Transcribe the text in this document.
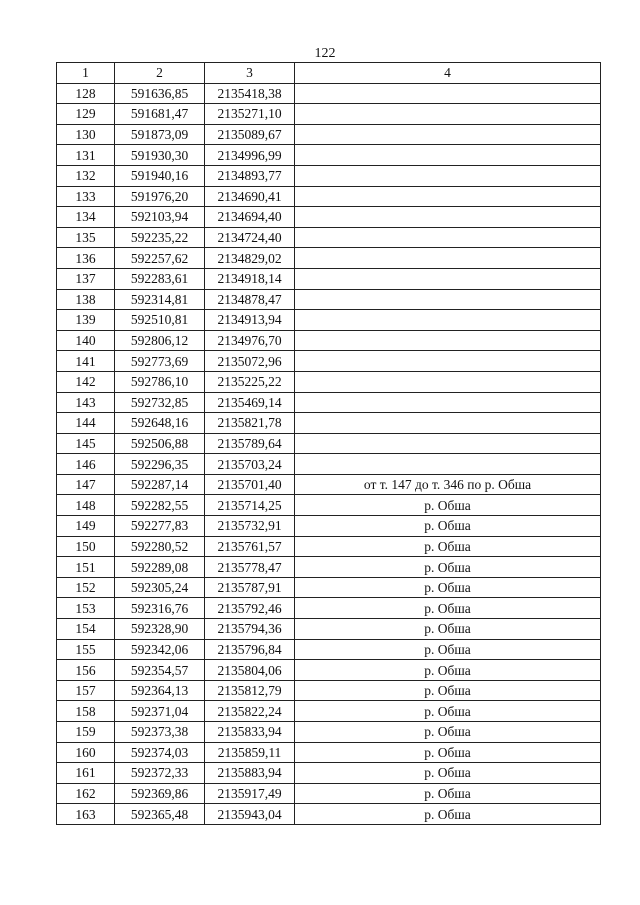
122
1	2	3	4
128	591636,85	2135418,38	
129	591681,47	2135271,10	
130	591873,09	2135089,67	
131	591930,30	2134996,99	
132	591940,16	2134893,77	
133	591976,20	2134690,41	
134	592103,94	2134694,40	
135	592235,22	2134724,40	
136	592257,62	2134829,02	
137	592283,61	2134918,14	
138	592314,81	2134878,47	
139	592510,81	2134913,94	
140	592806,12	2134976,70	
141	592773,69	2135072,96	
142	592786,10	2135225,22	
143	592732,85	2135469,14	
144	592648,16	2135821,78	
145	592506,88	2135789,64	
146	592296,35	2135703,24	
147	592287,14	2135701,40	от т. 147 до т. 346 по р. Обша
148	592282,55	2135714,25	р. Обша
149	592277,83	2135732,91	р. Обша
150	592280,52	2135761,57	р. Обша
151	592289,08	2135778,47	р. Обша
152	592305,24	2135787,91	р. Обша
153	592316,76	2135792,46	р. Обша
154	592328,90	2135794,36	р. Обша
155	592342,06	2135796,84	р. Обша
156	592354,57	2135804,06	р. Обша
157	592364,13	2135812,79	р. Обша
158	592371,04	2135822,24	р. Обша
159	592373,38	2135833,94	р. Обша
160	592374,03	2135859,11	р. Обша
161	592372,33	2135883,94	р. Обша
162	592369,86	2135917,49	р. Обша
163	592365,48	2135943,04	р. Обша
